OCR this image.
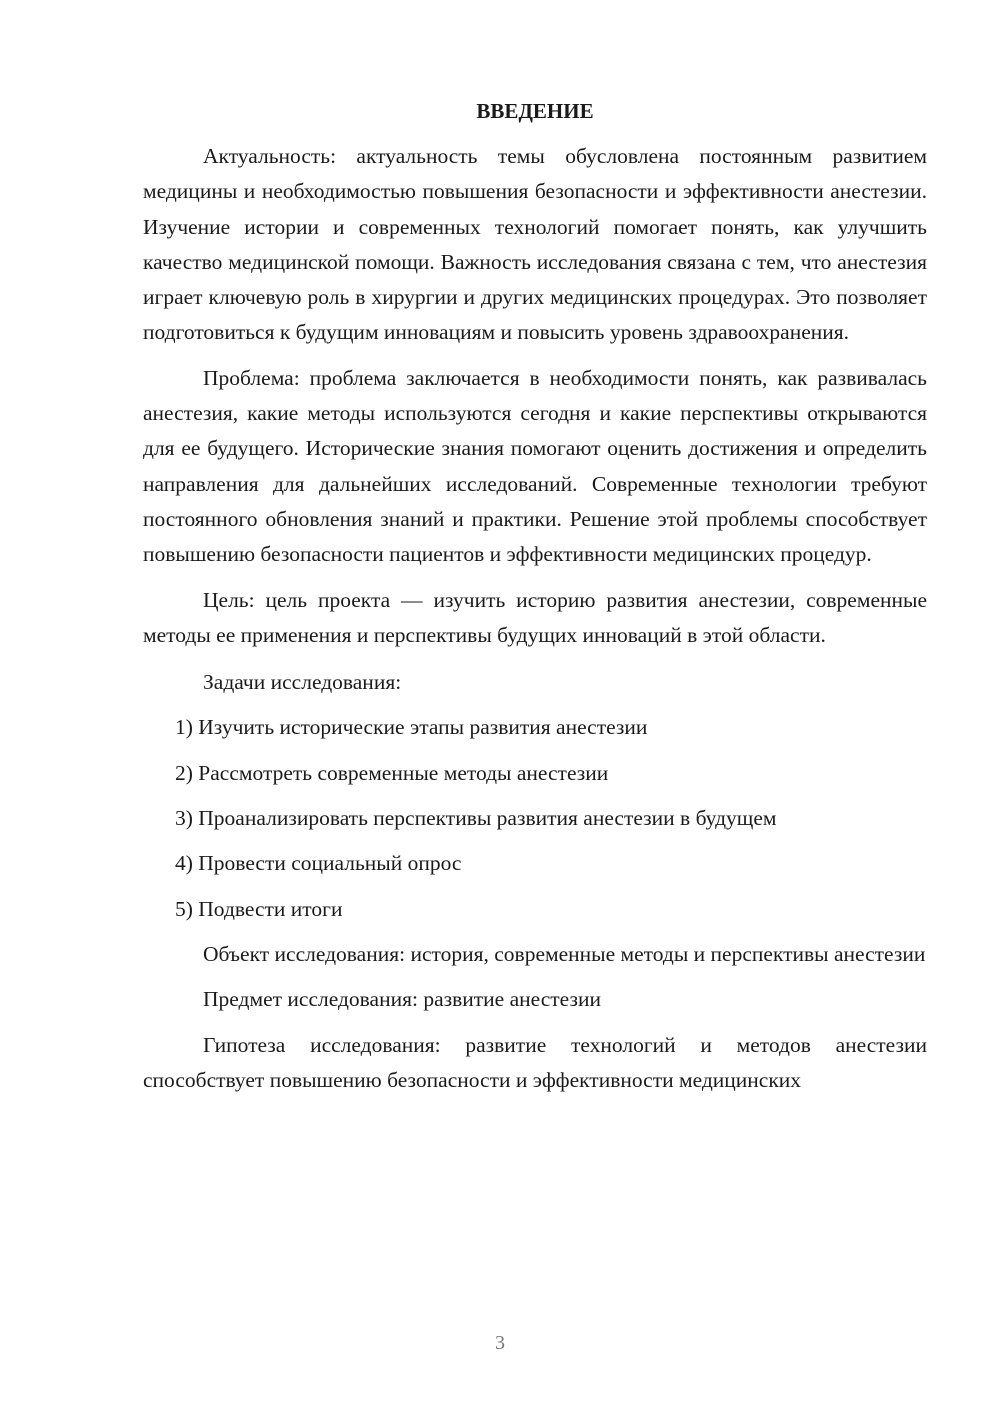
ВВЕДЕНИЕ

Актуальность: актуальность темы обусловлена постоянным развитием медицины и необходимостью повышения безопасности и эффективности анестезии. Изучение истории и современных технологий помогает понять, как улучшить качество медицинской помощи. Важность исследования связана с тем, что анестезия играет ключевую роль в хирургии и других медицинских процедурах. Это позволяет подготовиться к будущим инновациям и повысить уровень здравоохранения.

Проблема: проблема заключается в необходимости понять, как развивалась анестезия, какие методы используются сегодня и какие перспективы открываются для ее будущего. Исторические знания помогают оценить достижения и определить направления для дальнейших исследований. Современные технологии требуют постоянного обновления знаний и практики. Решение этой проблемы способствует повышению безопасности пациентов и эффективности медицинских процедур.

Цель: цель проекта — изучить историю развития анестезии, современные методы ее применения и перспективы будущих инноваций в этой области.

Задачи исследования:

1) Изучить исторические этапы развития анестезии

2) Рассмотреть современные методы анестезии

3) Проанализировать перспективы развития анестезии в будущем

4) Провести социальный опрос

5) Подвести итоги

Объект исследования: история, современные методы и перспективы анестезии

Предмет исследования: развитие анестезии

Гипотеза исследования: развитие технологий и методов анестезии способствует повышению безопасности и эффективности медицинских

3
